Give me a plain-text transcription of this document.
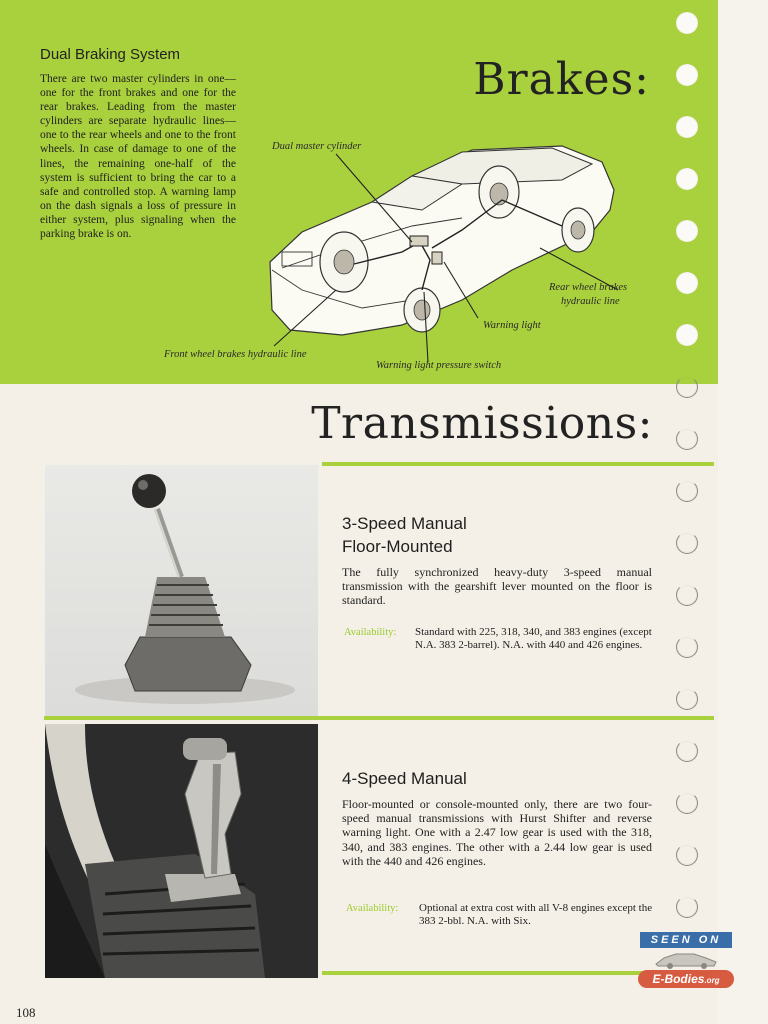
Dual Braking System
There are two master cylinders in one—one for the front brakes and one for the rear brakes. Leading from the master cylinders are separate hydraulic lines—one to the rear wheels and one to the front wheels. In case of damage to one of the lines, the remaining one-half of the system is sufficient to bring the car to a safe and controlled stop. A warning lamp on the dash signals a loss of pressure in either system, plus signaling when the parking brake is on.
Brakes:
Dual master cylinder
Rear wheel brakes
hydraulic line
Warning light
Front wheel brakes hydraulic line
Warning light pressure switch
Transmissions:
3-Speed Manual
Floor-Mounted
The fully synchronized heavy-duty 3-speed manual transmission with the gearshift lever mounted on the floor is standard.
Availability: Standard with 225, 318, 340, and 383 engines (except N.A. 383 2-barrel). N.A. with 440 and 426 engines.
4-Speed Manual
Floor-mounted or console-mounted only, there are two four-speed manual transmissions with Hurst Shifter and reverse warning light. One with a 2.47 low gear is used with the 318, 340, and 383 engines. The other with a 2.44 low gear is used with the 440 and 426 engines.
Availability: Optional at extra cost with all V-8 engines except the 383 2-bbl. N.A. with Six.
108
SEEN ON
E-Bodies.org
